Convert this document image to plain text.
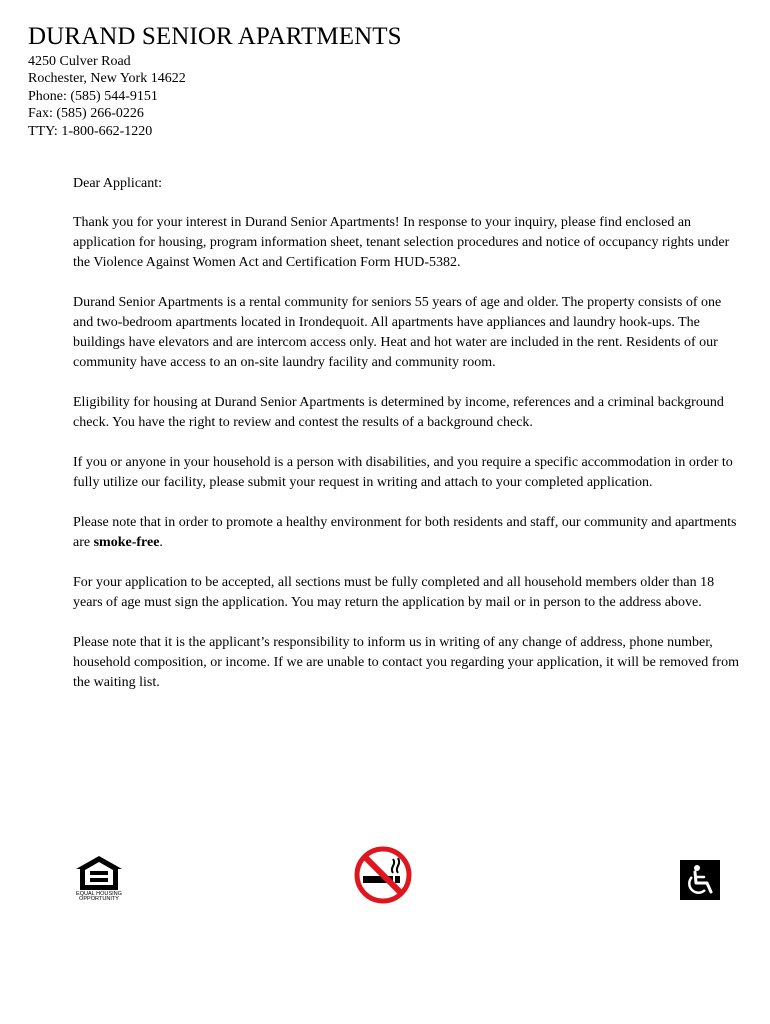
DURAND SENIOR APARTMENTS
4250 Culver Road
Rochester, New York 14622
Phone: (585) 544-9151
Fax: (585) 266-0226
TTY: 1-800-662-1220

Dear Applicant:

Thank you for your interest in Durand Senior Apartments! In response to your inquiry, please find enclosed an application for housing, program information sheet, tenant selection procedures and notice of occupancy rights under the Violence Against Women Act and Certification Form HUD-5382.

Durand Senior Apartments is a rental community for seniors 55 years of age and older. The property consists of one and two-bedroom apartments located in Irondequoit. All apartments have appliances and laundry hook-ups. The buildings have elevators and are intercom access only. Heat and hot water are included in the rent. Residents of our community have access to an on-site laundry facility and community room.

Eligibility for housing at Durand Senior Apartments is determined by income, references and a criminal background check. You have the right to review and contest the results of a background check.

If you or anyone in your household is a person with disabilities, and you require a specific accommodation in order to fully utilize our facility, please submit your request in writing and attach to your completed application.

Please note that in order to promote a healthy environment for both residents and staff, our community and apartments are smoke-free.

For your application to be accepted, all sections must be fully completed and all household members older than 18 years of age must sign the application. You may return the application by mail or in person to the address above.

Please note that it is the applicant’s responsibility to inform us in writing of any change of address, phone number, household composition, or income. If we are unable to contact you regarding your application, it will be removed from the waiting list.

EQUAL HOUSING
OPPORTUNITY
